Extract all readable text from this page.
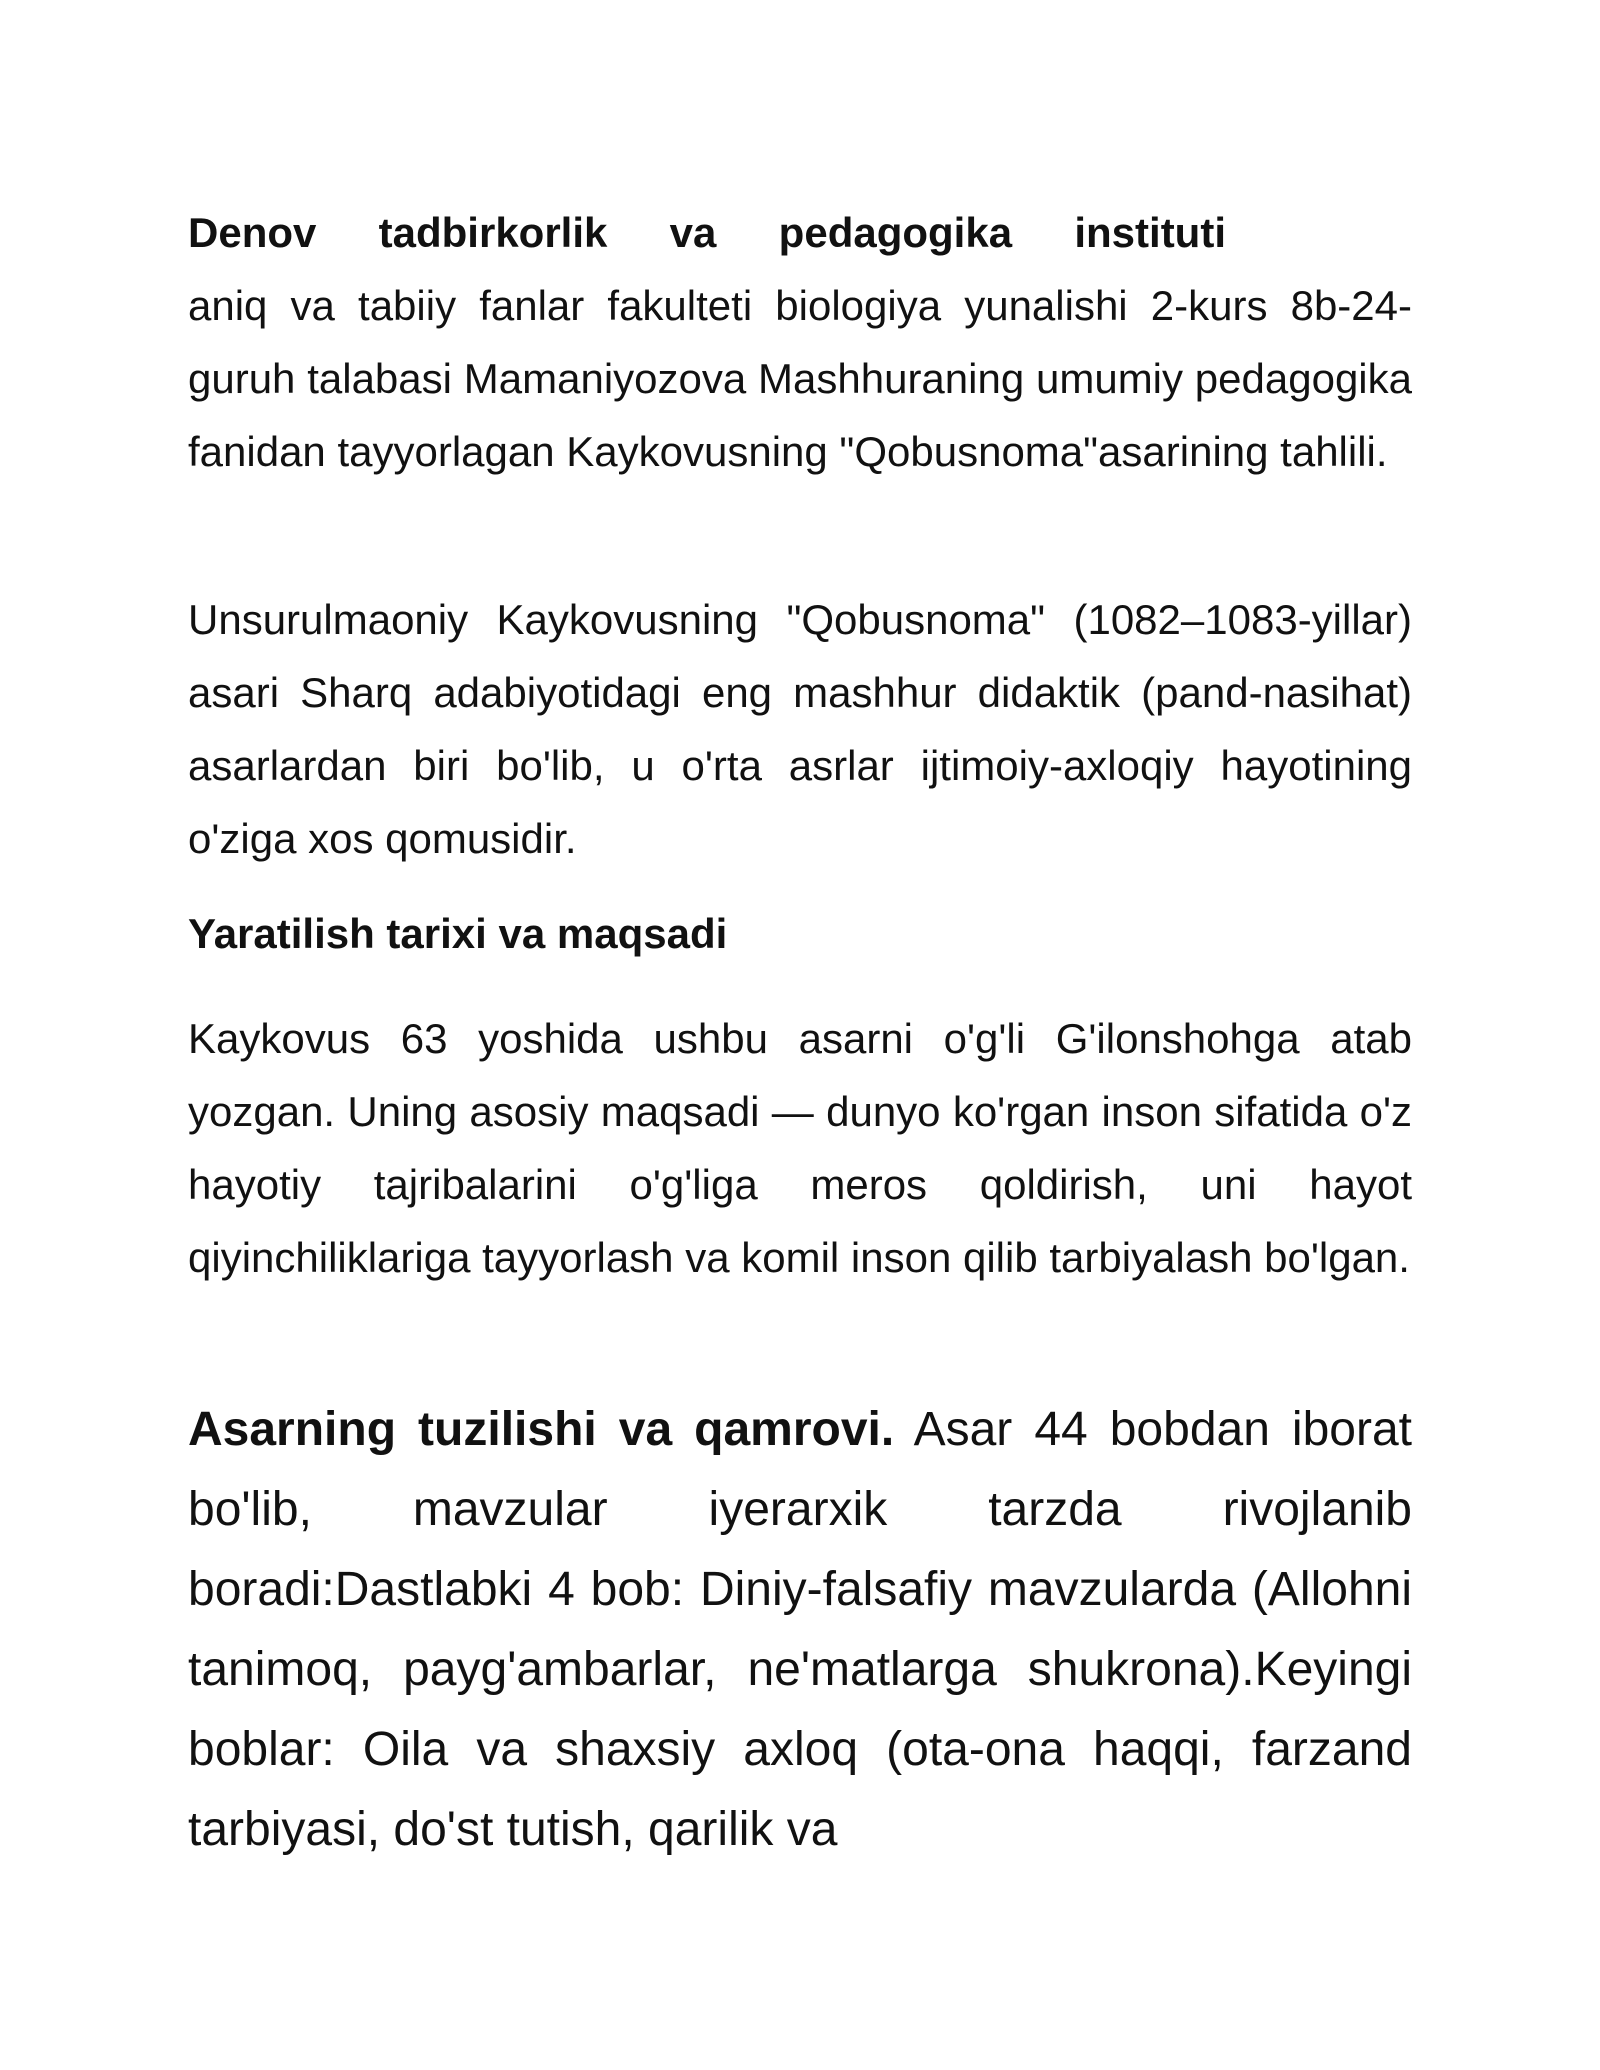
Denov tadbirkorlik va pedagogika instituti
aniq va tabiiy fanlar fakulteti biologiya yunalishi 2-kurs 8b-24-guruh talabasi Mamaniyozova Mashhuraning umumiy pedagogika fanidan tayyorlagan Kaykovusning "Qobusnoma"asarining tahlili.

Unsurulmaoniy Kaykovusning "Qobusnoma" (1082–1083-yillar) asari Sharq adabiyotidagi eng mashhur didaktik (pand-nasihat) asarlardan biri bo'lib, u o'rta asrlar ijtimoiy-axloqiy hayotining o'ziga xos qomusidir.

Yaratilish tarixi va maqsadi

Kaykovus 63 yoshida ushbu asarni o'g'li G'ilonshohga atab yozgan. Uning asosiy maqsadi — dunyo ko'rgan inson sifatida o'z hayotiy tajribalarini o'g'liga meros qoldirish, uni hayot qiyinchiliklariga tayyorlash va komil inson qilib tarbiyalash bo'lgan.

Asarning tuzilishi va qamrovi. Asar 44 bobdan iborat bo'lib, mavzular iyerarxik tarzda rivojlanib boradi:Dastlabki 4 bob: Diniy-falsafiy mavzularda (Allohni tanimoq, payg'ambarlar, ne'matlarga shukrona).Keyingi boblar: Oila va shaxsiy axloq (ota-ona haqqi, farzand tarbiyasi, do'st tutish, qarilik va
